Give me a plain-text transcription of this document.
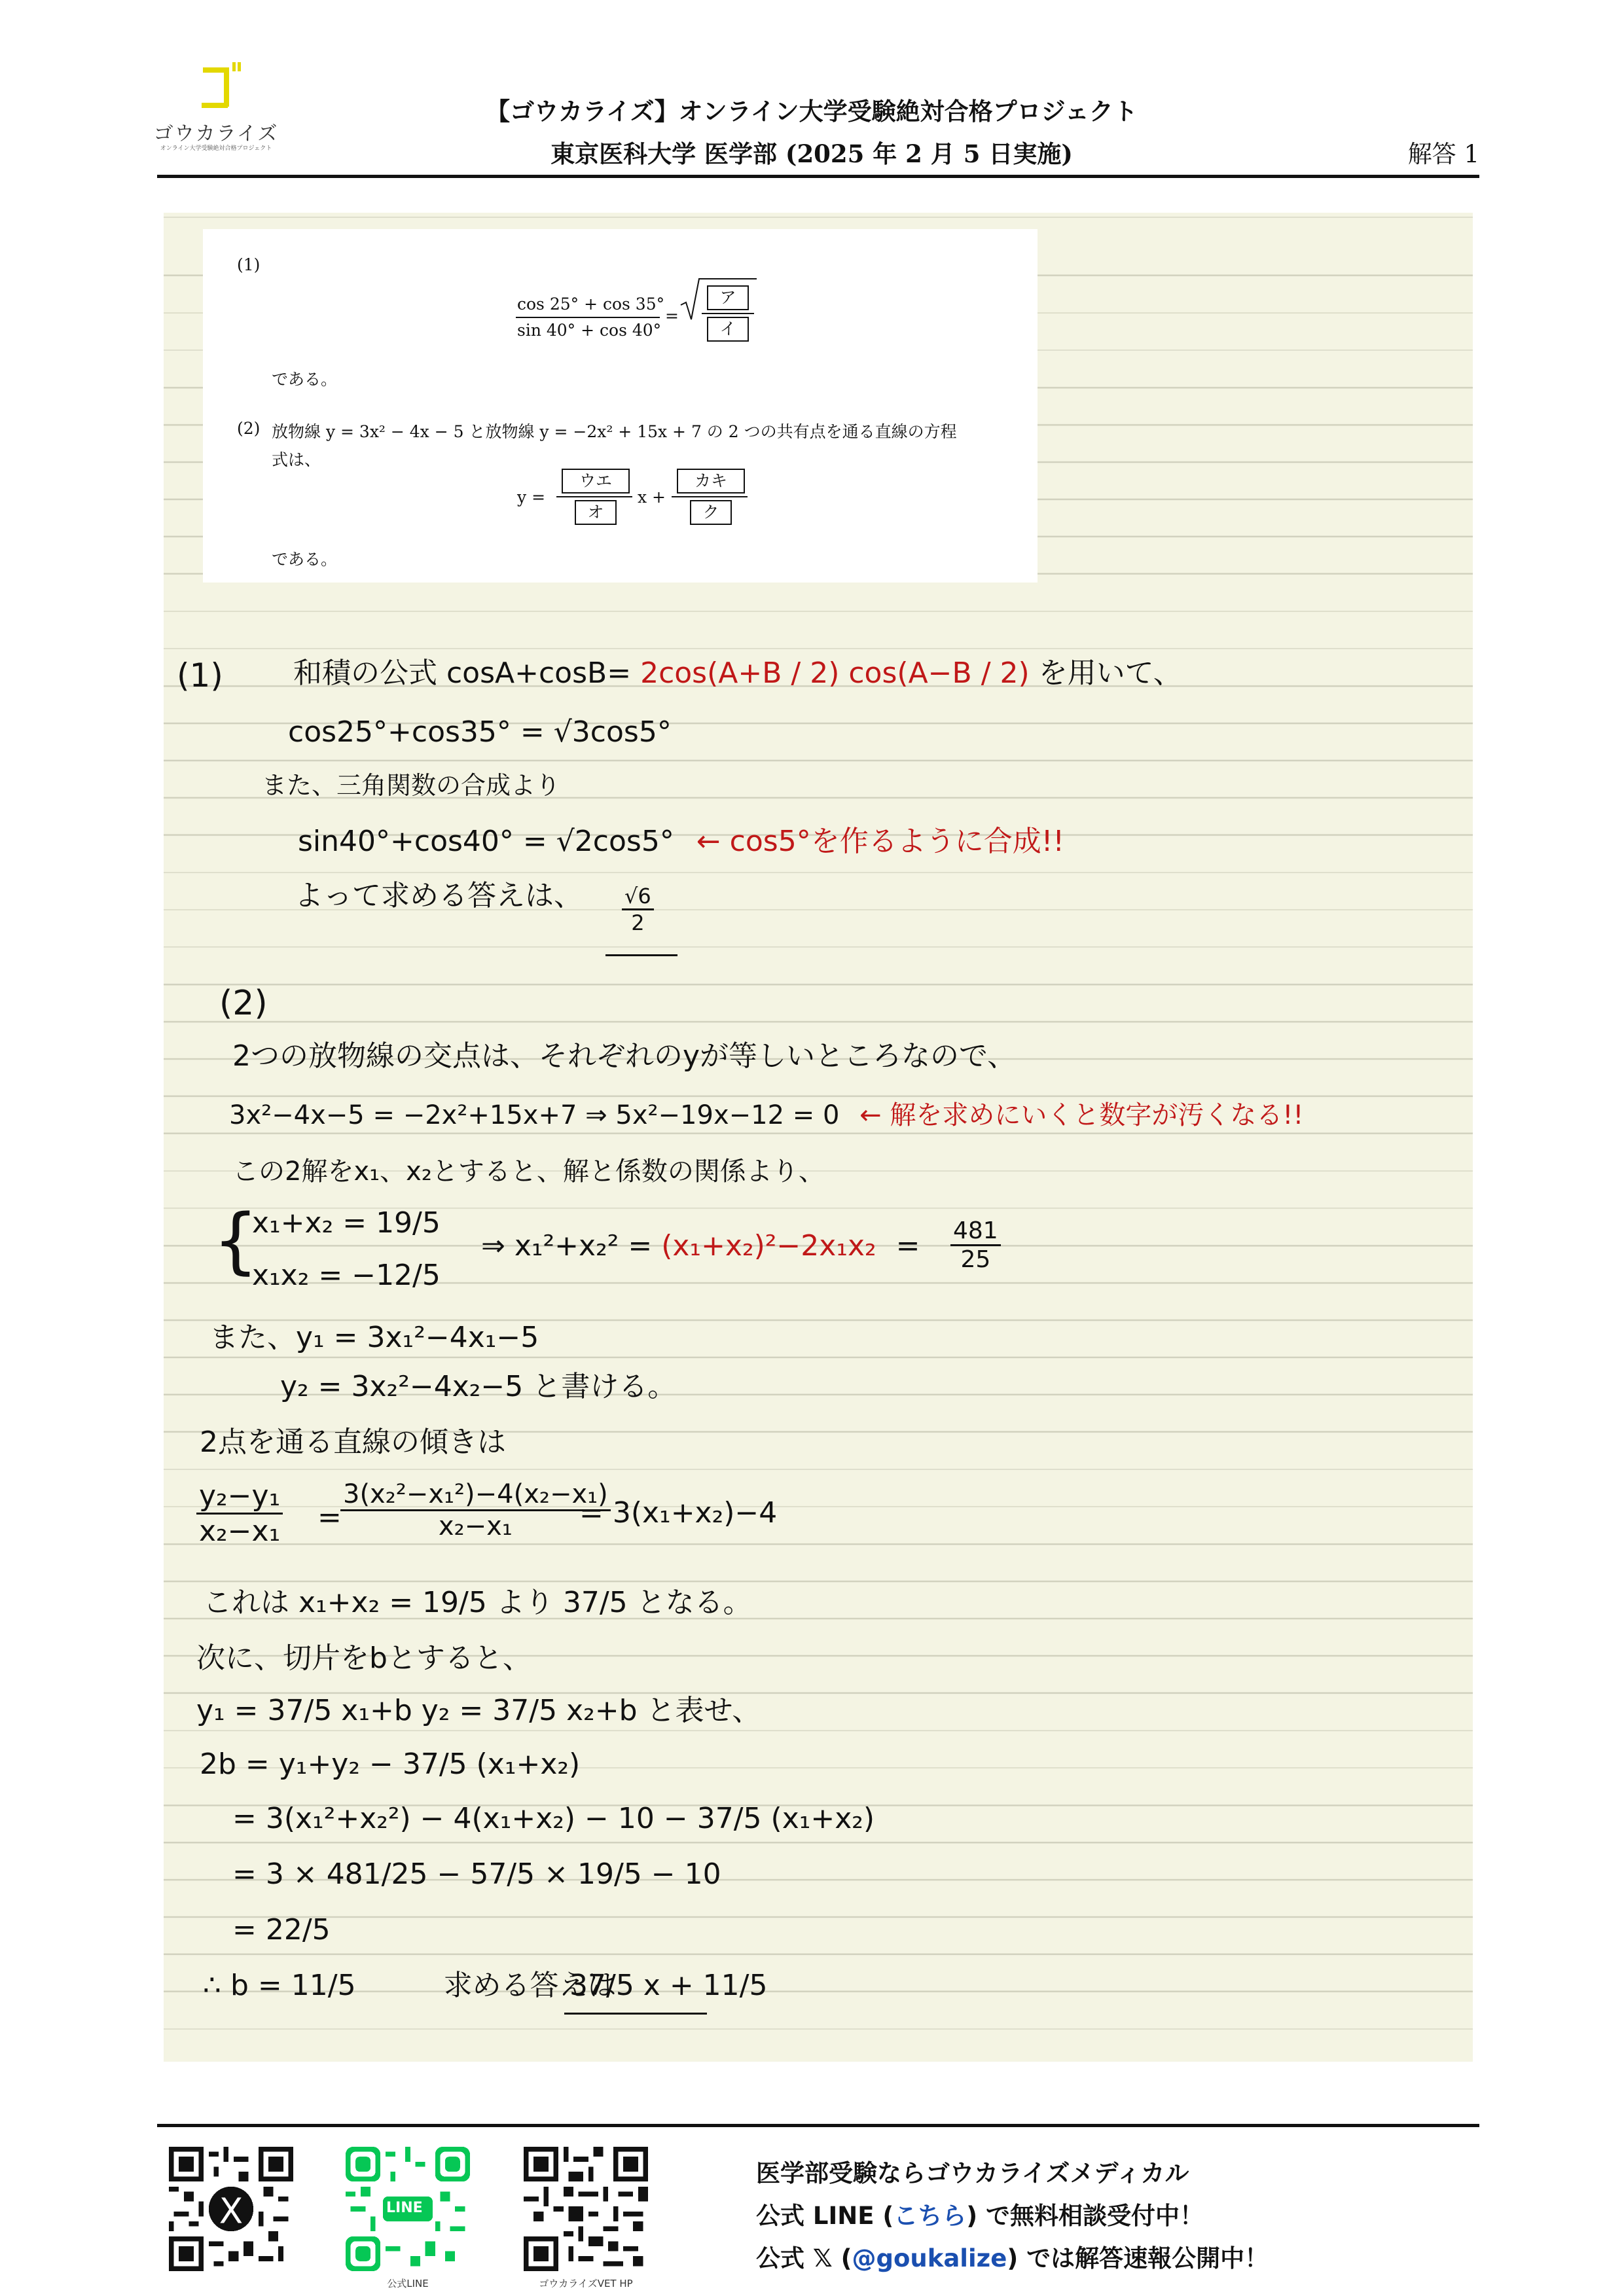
ゴウカライズ
オンライン大学受験絶対合格プロジェクト
【ゴウカライズ】オンライン大学受験絶対合格プロジェクト
東京医科大学 医学部 (2025 年 2 月 5 日実施)	解答 1
(1)
cos 25° + cos 35°
sin 40° + cos 40°
=
ア
イ
である。
(2) 放物線 y = 3x² − 4x − 5 と放物線 y = −2x² + 15x + 7 の 2 つの共有点を通る直線の方程
式は、
y =
ウエ
オ
x +
カキ
ク
である。
(1) 和積の公式 cosA+cosB= 2cos(A+B / 2) cos(A−B / 2) を用いて、
cos25°+cos35° = √3cos5°
また、三角関数の合成より
sin40°+cos40° = √2cos5° ← cos5°を作るように合成!!
よって求める答えは、 √6
2
(2)
2つの放物線の交点は、それぞれのyが等しいところなので、
3x²−4x−5 = −2x²+15x+7 ⇒ 5x²−19x−12 = 0 ← 解を求めにいくと数字が汚くなる!!
この2解をx₁、x₂とすると、解と係数の関係より、
{
x₁+x₂ = 19/5
x₁x₂ = −12/5
⇒ x₁²+x₂² = (x₁+x₂)²−2x₁x₂ = 481
25
また、y₁ = 3x₁²−4x₁−5
y₂ = 3x₂²−4x₂−5 と書ける。
2点を通る直線の傾きは
y₂−y₁
x₂−x₁ =
3(x₂²−x₁²)−4(x₂−x₁)
x₂−x₁	= 3(x₁+x₂)−4
これは x₁+x₂ = 19/5 より 37/5 となる。
次に、切片をbとすると、
y₁ = 37/5 x₁+b y₂ = 37/5 x₂+b と表せ、
2b = y₁+y₂ − 37/5 (x₁+x₂)
= 3(x₁²+x₂²) − 4(x₁+x₂) − 10 − 37/5 (x₁+x₂)
= 3 × 481/25 − 57/5 × 19/5 − 10
= 22/5
∴ b = 11/5	求める答えは
37/5 x + 11/5
X	LINE
公式LINE	ゴウカライズVET HP
医学部受験ならゴウカライズメディカル
公式 LINE (こちら) で無料相談受付中！
公式 𝕏 (@goukalize) では解答速報公開中！
